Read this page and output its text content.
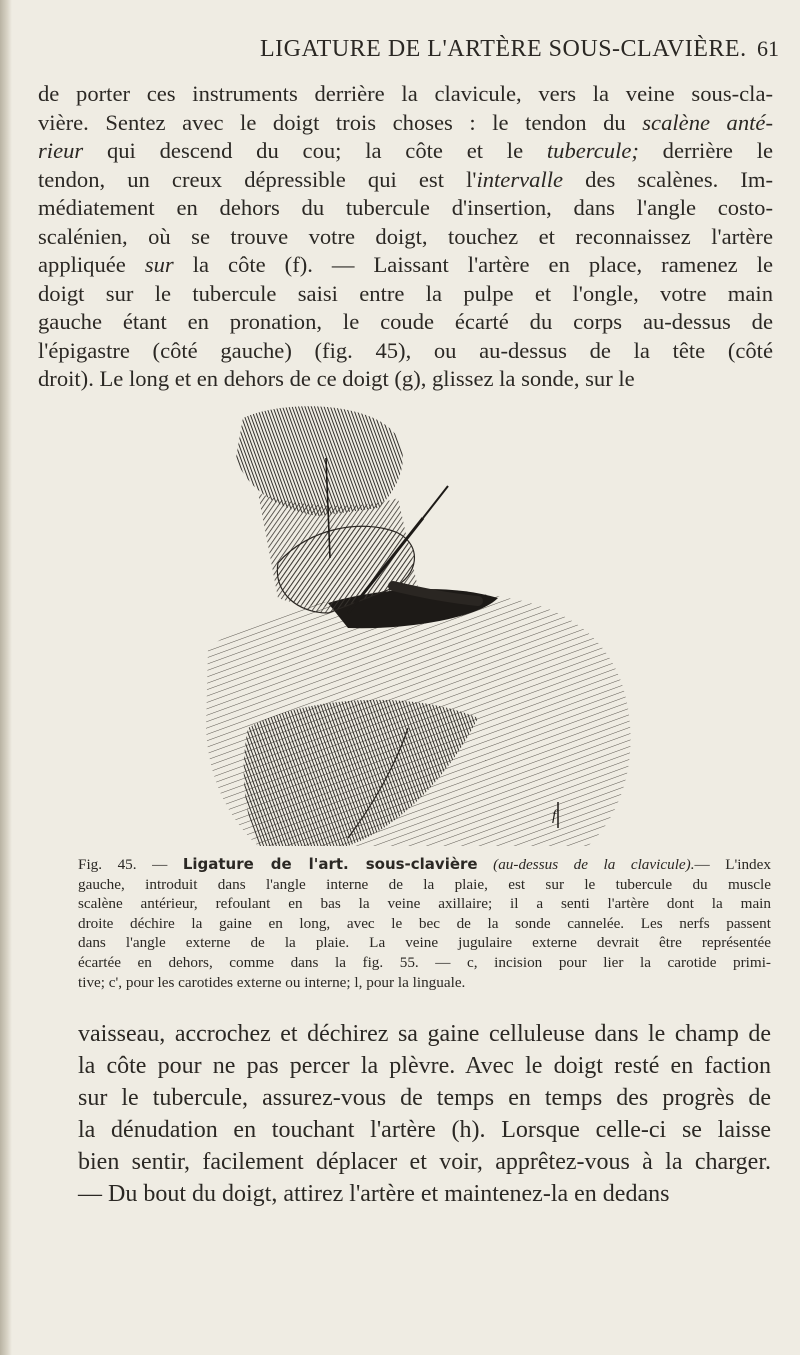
LIGATURE DE L'ARTÈRE SOUS-CLAVIÈRE. 61
de porter ces instruments derrière la clavicule, vers la veine sous-cla-
vière. Sentez avec le doigt trois choses : le tendon du scalène anté-
rieur qui descend du cou; la côte et le tubercule; derrière le
tendon, un creux dépressible qui est l'intervalle des scalènes. Im-
médiatement en dehors du tubercule d'insertion, dans l'angle costo-
scalénien, où se trouve votre doigt, touchez et reconnaissez l'artère
appliquée sur la côte (f). — Laissant l'artère en place, ramenez le
doigt sur le tubercule saisi entre la pulpe et l'ongle, votre main
gauche étant en pronation, le coude écarté du corps au-dessus de
l'épigastre (côté gauche) (fig. 45), ou au-dessus de la tête (côté
droit). Le long et en dehors de ce doigt (g), glissez la sonde, sur le
f
Fig. 45. — Ligature de l'art. sous-clavière (au-dessus de la clavicule).— L'index
gauche, introduit dans l'angle interne de la plaie, est sur le tubercule du muscle
scalène antérieur, refoulant en bas la veine axillaire; il a senti l'artère dont la main
droite déchire la gaine en long, avec le bec de la sonde cannelée. Les nerfs passent
dans l'angle externe de la plaie. La veine jugulaire externe devrait être représentée
écartée en dehors, comme dans la fig. 55. — c, incision pour lier la carotide primi-
tive; c', pour les carotides externe ou interne; l, pour la linguale.
vaisseau, accrochez et déchirez sa gaine celluleuse dans le champ de
la côte pour ne pas percer la plèvre. Avec le doigt resté en faction
sur le tubercule, assurez-vous de temps en temps des progrès de
la dénudation en touchant l'artère (h). Lorsque celle-ci se laisse
bien sentir, facilement déplacer et voir, apprêtez-vous à la charger.
— Du bout du doigt, attirez l'artère et maintenez-la en dedans
